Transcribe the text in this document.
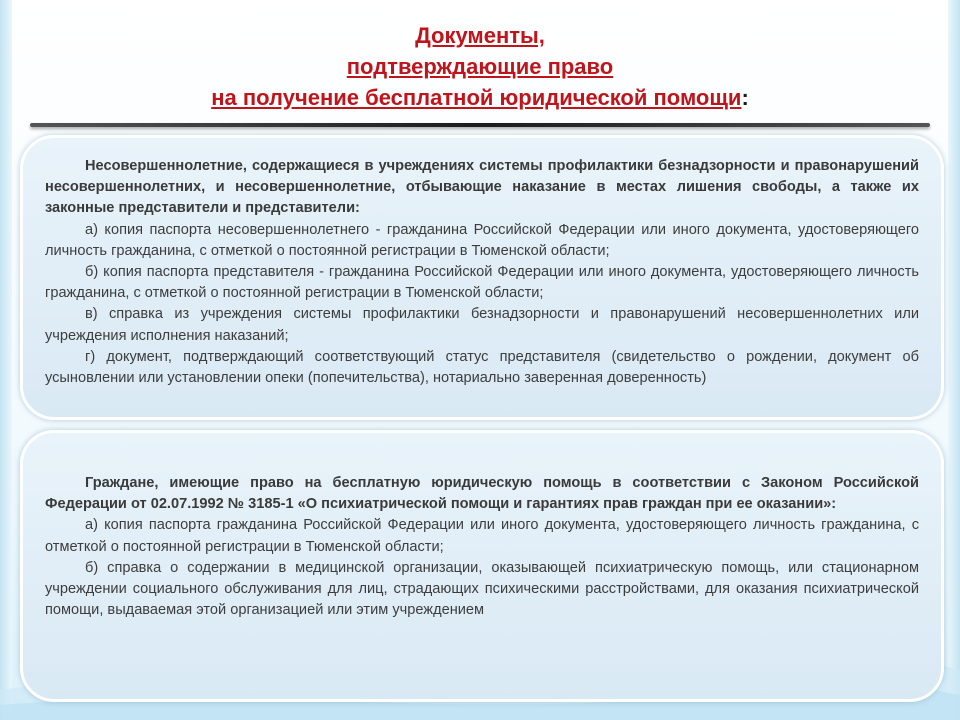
Документы,
подтверждающие право
на получение бесплатной юридической помощи:

Несовершеннолетние, содержащиеся в учреждениях системы профилактики безнадзорности и правонарушений несовершеннолетних, и несовершеннолетние, отбывающие наказание в местах лишения свободы, а также их законные представители и представители:

а) копия паспорта несовершеннолетнего - гражданина Российской Федерации или иного документа, удостоверяющего личность гражданина, с отметкой о постоянной регистрации в Тюменской области;

б) копия паспорта представителя - гражданина Российской Федерации или иного документа, удостоверяющего личность гражданина, с отметкой о постоянной регистрации в Тюменской области;

в) справка из учреждения системы профилактики безнадзорности и правонарушений несовершеннолетних или учреждения исполнения наказаний;

г) документ, подтверждающий соответствующий статус представителя (свидетельство о рождении, документ об усыновлении или установлении опеки (попечительства), нотариально заверенная доверенность)

Граждане, имеющие право на бесплатную юридическую помощь в соответствии с Законом Российской Федерации от 02.07.1992 № 3185-1 «О психиатрической помощи и гарантиях прав граждан при ее оказании»:

а) копия паспорта гражданина Российской Федерации или иного документа, удостоверяющего личность гражданина, с отметкой о постоянной регистрации в Тюменской области;

б) справка о содержании в медицинской организации, оказывающей психиатрическую помощь, или стационарном учреждении социального обслуживания для лиц, страдающих психическими расстройствами, для оказания психиатрической помощи, выдаваемая этой организацией или этим учреждением
